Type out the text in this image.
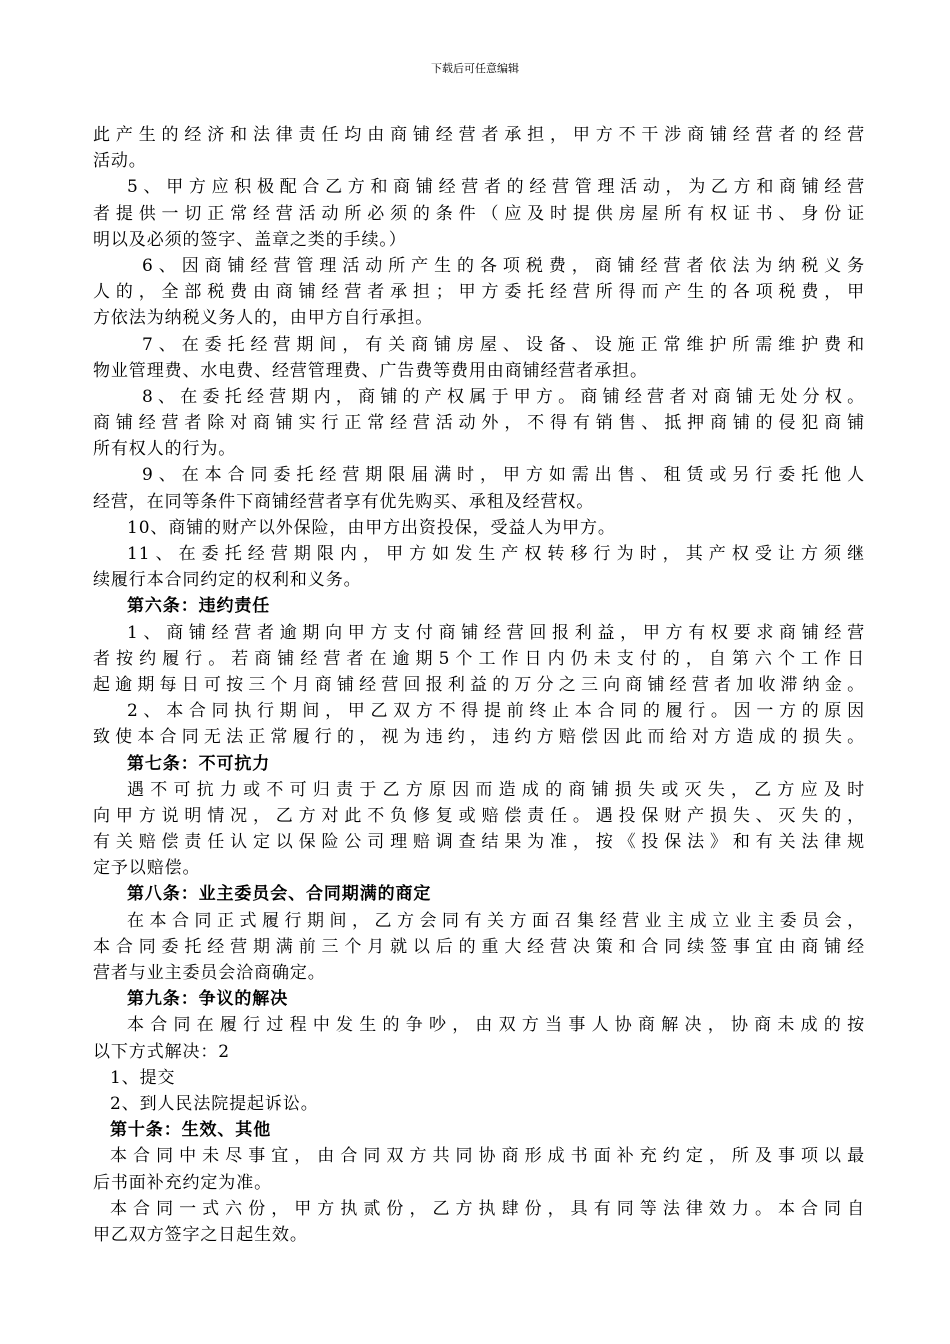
下载后可任意编辑
此产生的经济和法律责任均由商铺经营者承担，甲方不干涉商铺经营者的经营
活动。
5、甲方应积极配合乙方和商铺经营者的经营管理活动，为乙方和商铺经营
者提供一切正常经营活动所必须的条件（应及时提供房屋所有权证书、身份证
明以及必须的签字、盖章之类的手续。）
6、因商铺经营管理活动所产生的各项税费，商铺经营者依法为纳税义务
人的，全部税费由商铺经营者承担；甲方委托经营所得而产生的各项税费，甲
方依法为纳税义务人的，由甲方自行承担。
7、在委托经营期间，有关商铺房屋、设备、设施正常维护所需维护费和
物业管理费、水电费、经营管理费、广告费等费用由商铺经营者承担。
8、在委托经营期内，商铺的产权属于甲方。商铺经营者对商铺无处分权。
商铺经营者除对商铺实行正常经营活动外，不得有销售、抵押商铺的侵犯商铺
所有权人的行为。
9、在本合同委托经营期限届满时，甲方如需出售、租赁或另行委托他人
经营，在同等条件下商铺经营者享有优先购买、承租及经营权。
10、商铺的财产以外保险，由甲方出资投保，受益人为甲方。
11、在委托经营期限内，甲方如发生产权转移行为时，其产权受让方须继
续履行本合同约定的权利和义务。
第六条：违约责任
1、商铺经营者逾期向甲方支付商铺经营回报利益，甲方有权要求商铺经营
者按约履行。若商铺经营者在逾期5个工作日内仍未支付的，自第六个工作日
起逾期每日可按三个月商铺经营回报利益的万分之三向商铺经营者加收滞纳金。
2、本合同执行期间，甲乙双方不得提前终止本合同的履行。因一方的原因
致使本合同无法正常履行的，视为违约，违约方赔偿因此而给对方造成的损失。
第七条：不可抗力
遇不可抗力或不可归责于乙方原因而造成的商铺损失或灭失，乙方应及时
向甲方说明情况，乙方对此不负修复或赔偿责任。遇投保财产损失、灭失的，
有关赔偿责任认定以保险公司理赔调查结果为准，按《投保法》和有关法律规
定予以赔偿。
第八条：业主委员会、合同期满的商定
在本合同正式履行期间，乙方会同有关方面召集经营业主成立业主委员会，
本合同委托经营期满前三个月就以后的重大经营决策和合同续签事宜由商铺经
营者与业主委员会洽商确定。
第九条：争议的解决
本合同在履行过程中发生的争吵，由双方当事人协商解决，协商未成的按
以下方式解决：2
1、提交
2、到人民法院提起诉讼。
第十条：生效、其他
本合同中未尽事宜，由合同双方共同协商形成书面补充约定，所及事项以最
后书面补充约定为准。
本合同一式六份，甲方执贰份，乙方执肆份，具有同等法律效力。本合同自
甲乙双方签字之日起生效。
